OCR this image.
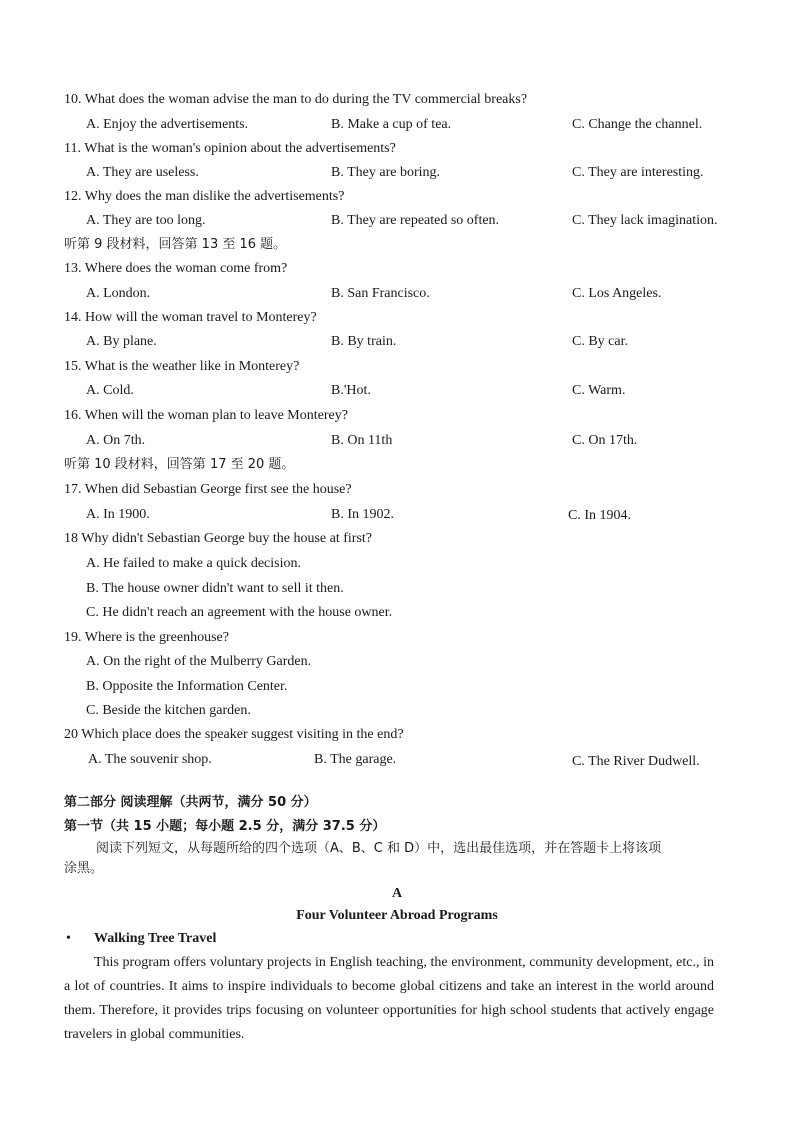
10. What does the woman advise the man to do during the TV commercial breaks?
A. Enjoy the advertisements.	B. Make a cup of tea.	C. Change the channel.
11. What is the woman's opinion about the advertisements?
A. They are useless.	B. They are boring.	C. They are interesting.
12. Why does the man dislike the advertisements?
A. They are too long.	B. They are repeated so often.	C. They lack imagination.
听第 9 段材料，回答第 13 至 16 题。
13. Where does the woman come from?
A. London.	B. San Francisco.	C. Los Angeles.
14. How will the woman travel to Monterey?
A. By plane.	B. By train.	C. By car.
15. What is the weather like in Monterey?
A. Cold.	B.'Hot.	C. Warm.
16. When will the woman plan to leave Monterey?
A. On 7th.	B. On 11th	C. On 17th.
听第 10 段材料，回答第 17 至 20 题。
17. When did Sebastian George first see the house?
A. In 1900.	B. In 1902.	C. In 1904.
18 Why didn't Sebastian George buy the house at first?
A. He failed to make a quick decision.
B. The house owner didn't want to sell it then.
C. He didn't reach an agreement with the house owner.
19. Where is the greenhouse?
A. On the right of the Mulberry Garden.
B. Opposite the Information Center.
C. Beside the kitchen garden.
20 Which place does the speaker suggest visiting in the end?
A. The souvenir shop.	B. The garage.	C. The River Dudwell.
第二部分 阅读理解（共两节，满分 50 分）
第一节（共 15 小题；每小题 2.5 分，满分 37.5 分）
阅读下列短文，从每题所给的四个选项（A、B、C 和 D）中，选出最佳选项，并在答题卡上将该项
涂黑。
A
Four Volunteer Abroad Programs
• Walking Tree Travel
This program offers voluntary projects in English teaching, the environment, community development, etc., in a lot of countries. It aims to inspire individuals to become global citizens and take an interest in the world around them. Therefore, it provides trips focusing on volunteer opportunities for high school students that actively engage travelers in global communities.
